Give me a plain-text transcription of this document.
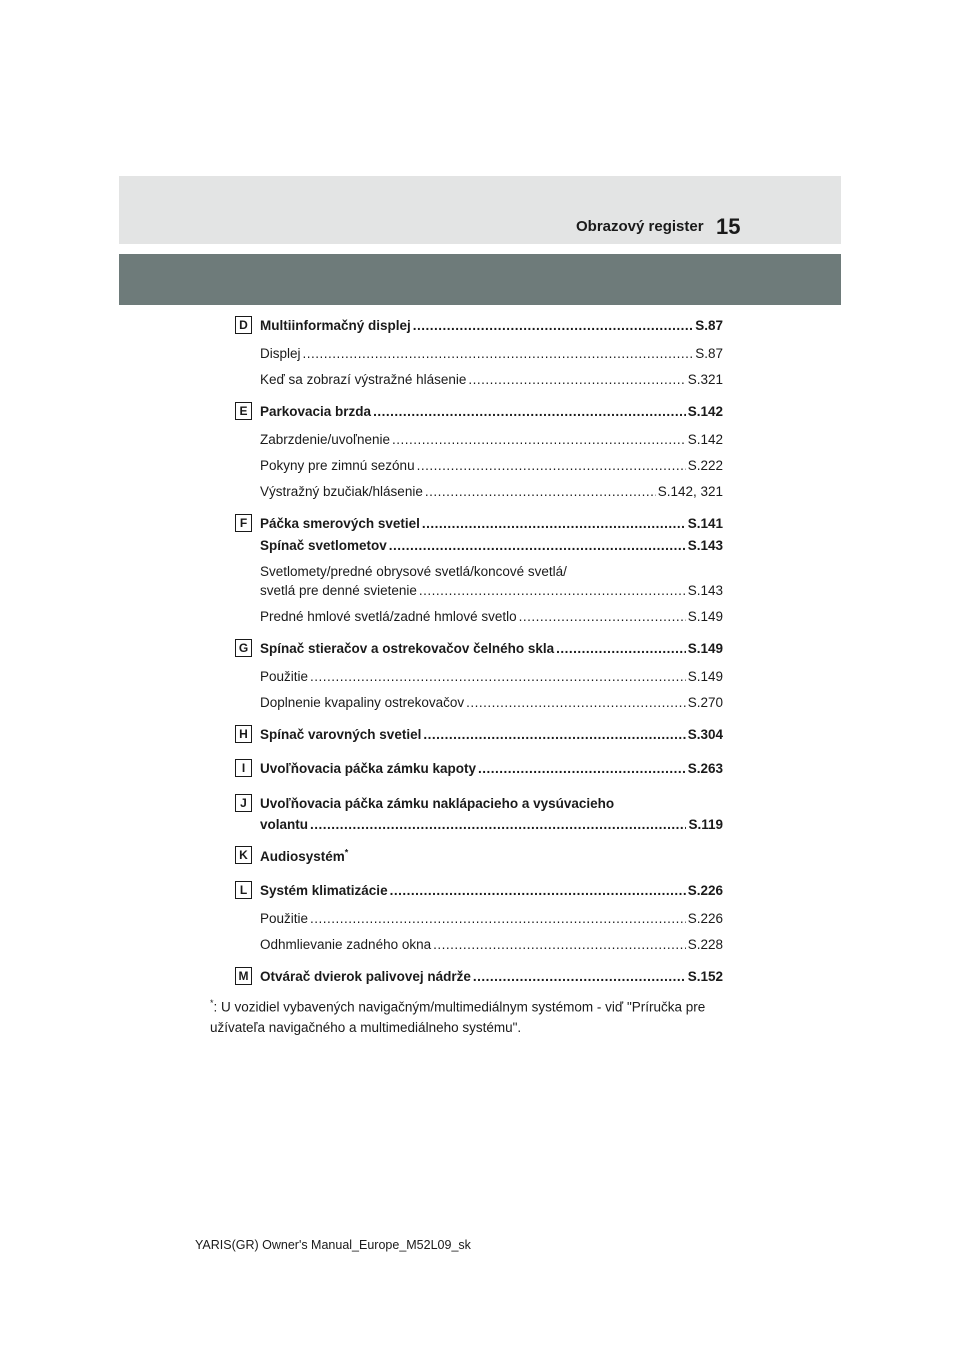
Obrazový register 15
D Multiinformačný displej .....	S.87
Displej .....	S.87
Keď sa zobrazí výstražné hlásenie .....	S.321
E Parkovacia brzda .....	S.142
Zabrzdenie/uvoľnenie .....	S.142
Pokyny pre zimnú sezónu .....	S.222
Výstražný bzučiak/hlásenie .....	S.142, 321
F Páčka smerových svetiel .....	S.141
Spínač svetlometov .....	S.143
Svetlomety/predné obrysové svetlá/koncové svetlá/
svetlá pre denné svietenie .....	S.143
Predné hmlové svetlá/zadné hmlové svetlo .....	S.149
G Spínač stieračov a ostrekovačov čelného skla .....	S.149
Použitie .....	S.149
Doplnenie kvapaliny ostrekovačov .....	S.270
H Spínač varovných svetiel .....	S.304
I	Uvoľňovacia páčka zámku kapoty .....	S.263
J Uvoľňovacia páčka zámku naklápacieho a vysúvacieho
volantu .....	S.119
K Audiosystém*
L Systém klimatizácie .....	S.226
Použitie .....	S.226
Odhmlievanie zadného okna .....	S.228
M Otvárač dvierok palivovej nádrže .....	S.152
*: U vozidiel vybavených navigačným/multimediálnym systémom - viď "Príručka pre užívateľa navigačného a multimediálneho systému".
YARIS(GR) Owner's Manual_Europe_M52L09_sk
